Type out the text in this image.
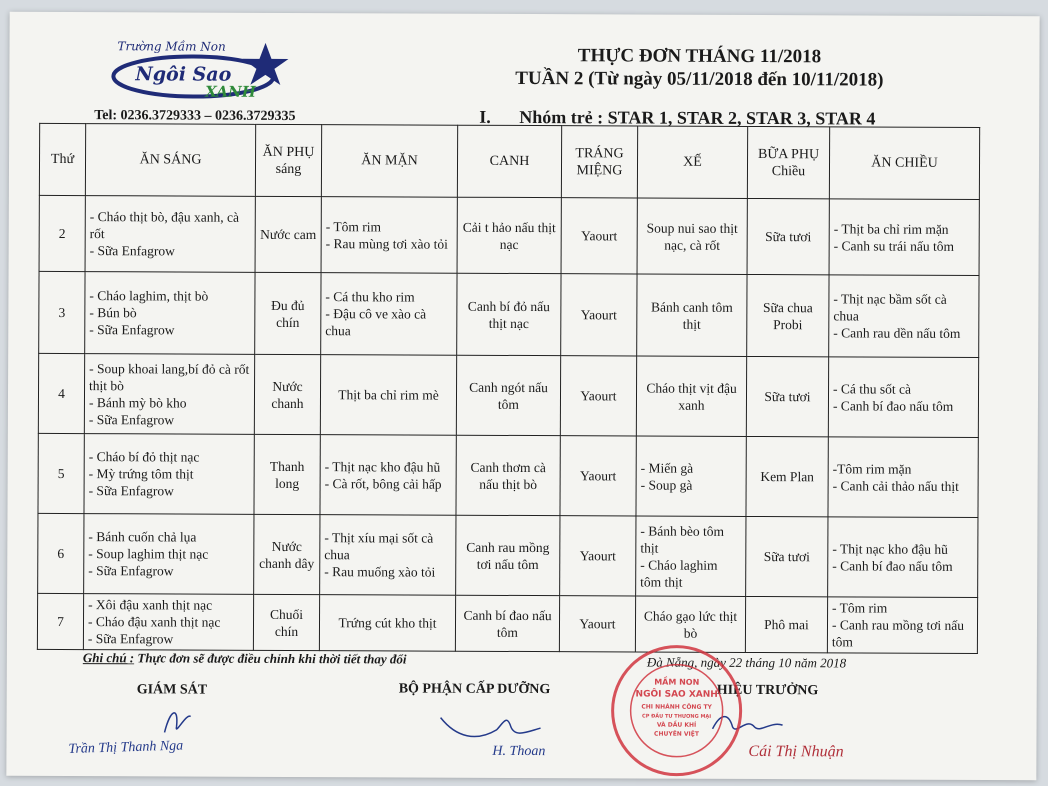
Trường Mầm Non
Ngôi Sao
XANH
THỰC ĐƠN THÁNG 11/2018
TUẦN 2 (Từ ngày 05/11/2018 đến 10/11/2018)
Tel: 0236.3729333 – 0236.3729335	I. Nhóm trẻ : STAR 1, STAR 2, STAR 3, STAR 4
Thứ	ĂN SÁNG	ĂN PHỤ sáng	ĂN MẶN	CANH	TRÁNG MIỆNG	XẾ	BỮA PHỤ Chiều	ĂN CHIỀU
2	- Cháo thịt bò, đậu xanh, cà rốt
- Sữa Enfagrow	Nước cam	- Tôm rim
- Rau mùng tơi xào tỏi	Cải t hảo nấu thịt nạc	Yaourt	Soup nui sao thịt nạc, cà rốt	Sữa tươi	- Thịt ba chỉ rim mặn
- Canh su trái nấu tôm

3	- Cháo laghim, thịt bò
- Bún bò
- Sữa Enfagrow	Đu đủ chín	- Cá thu kho rim
- Đậu cô ve xào cà chua	Canh bí đỏ nấu thịt nạc	Yaourt	Bánh canh tôm thịt	Sữa chua Probi	- Thịt nạc bầm sốt cà chua
- Canh rau dền nấu tôm

4	- Soup khoai lang,bí đỏ cà rốt thịt bò
- Bánh mỳ bò kho
- Sữa Enfagrow	Nước chanh	Thịt ba chỉ rim mè	Canh ngót nấu tôm	Yaourt	Cháo thịt vịt đậu xanh	Sữa tươi	- Cá thu sốt cà
- Canh bí đao nấu tôm

5	- Cháo bí đỏ thịt nạc
- Mỳ trứng tôm thịt
- Sữa Enfagrow	Thanh long	- Thịt nạc kho đậu hũ
- Cà rốt, bông cải hấp	Canh thơm cà nấu thịt bò	Yaourt	- Miến gà
- Soup gà	Kem Plan	-Tôm rim mặn
- Canh cải thảo nấu thịt

6	- Bánh cuốn chả lụa
- Soup laghim thịt nạc
- Sữa Enfagrow	Nước chanh dây	- Thịt xíu mại sốt cà chua
- Rau muống xào tỏi	Canh rau mồng tơi nấu tôm	Yaourt	- Bánh bèo tôm thịt
- Cháo laghim tôm thịt	Sữa tươi	- Thịt nạc kho đậu hũ
- Canh bí đao nấu tôm

7	- Xôi đậu xanh thịt nạc
- Cháo đậu xanh thịt nạc
- Sữa Enfagrow	Chuối chín	Trứng cút kho thịt	Canh bí đao nấu tôm	Yaourt	Cháo gạo lức thịt bò	Phô mai	- Tôm rim
- Canh rau mồng tơi nấu tôm
Ghi chú : Thực đơn sẽ được điều chỉnh khi thời tiết thay đổi	Đà Nẵng, ngày 22 tháng 10 năm 2018
GIÁM SÁT	BỘ PHẬN CẤP DƯỠNG	HIỆU TRƯỞNG
Trần Thị Thanh Nga	H. Thoan	Cái Thị Nhuận
MẦM NON
NGÔI SAO XANH
CHI NHÁNH CÔNG TY
CP ĐẦU TƯ THƯƠNG MẠI
VÀ DẦU KHÍ
CHUYÊN VIỆT
